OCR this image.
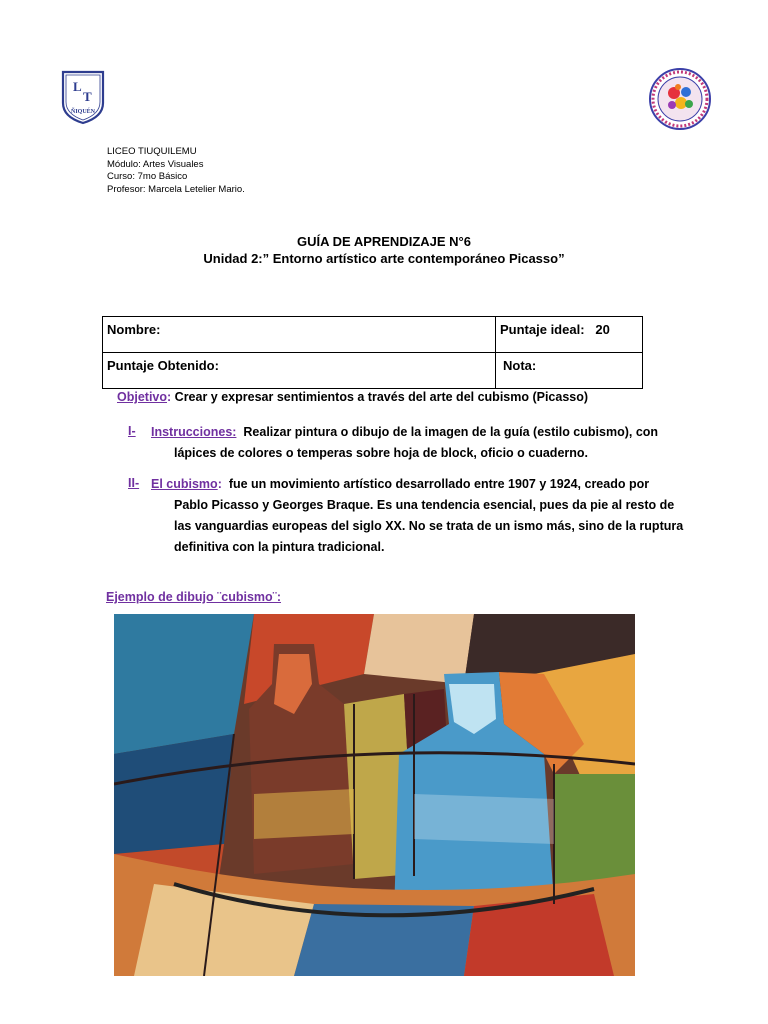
L
T
ÑIQUÉN
LICEO TIUQUILEMU
Módulo: Artes Visuales
Curso: 7mo Básico
Profesor: Marcela Letelier Mario.
GUÍA DE APRENDIZAJE N°6
Unidad 2:” Entorno artístico arte contemporáneo Picasso”
Nombre:	Puntaje ideal:   20
Puntaje Obtenido:	Nota:
Objetivo: Crear y expresar sentimientos a través del arte del cubismo (Picasso)
I- Instrucciones: Realizar pintura o dibujo de la imagen de la guía (estilo cubismo), con
lápices de colores o temperas sobre hoja de block, oficio o cuaderno.
II- El cubismo: fue un movimiento artístico desarrollado entre 1907 y 1924, creado por
Pablo Picasso y Georges Braque. Es una tendencia esencial, pues da pie al resto de
las vanguardias europeas del siglo XX. No se trata de un ismo más, sino de la ruptura
definitiva con la pintura tradicional.
Ejemplo de dibujo ¨cubismo¨:
